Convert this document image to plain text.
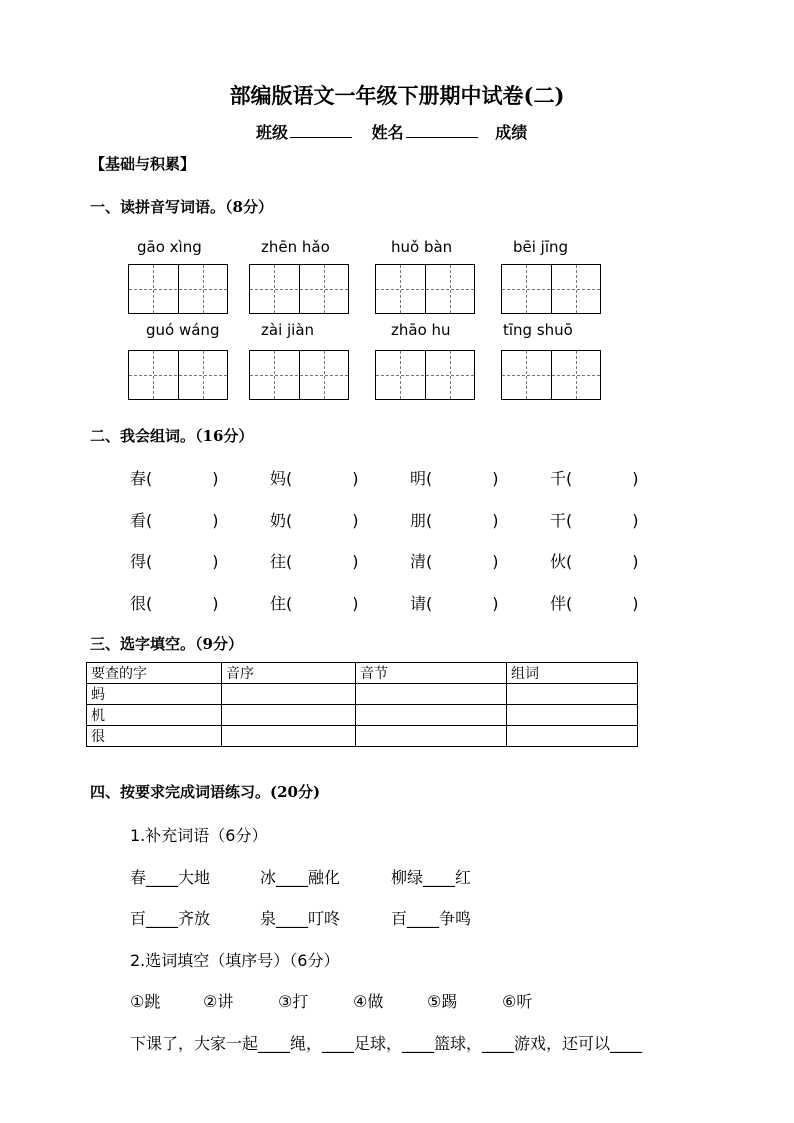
部编版语文一年级下册期中试卷(二)
班级	姓名	成绩
【基础与积累】
一、读拼音写词语。（8分）
gāo xìng	zhēn hǎo	huǒ bàn	bēi jīng
guó wáng	zài jiàn	zhāo hu	tīng shuō
二、我会组词。（16分）
春(	)	妈(	)	明(	)	千(	)
看(	)	奶(	)	朋(	)	干(	)
得(	)	往(	)	清(	)	伙(	)
很(	)	住(	)	请(	)	伴(	)
三、选字填空。（9分）
要查的字	音序	音节	组词
蚂			
机			
很			
四、按要求完成词语练习。(20分)
1.补充词语（6分）
春____大地	冰____融化	柳绿____红
百____齐放	泉____叮咚	百____争鸣
2.选词填空（填序号）（6分）
①跳	②讲	③打	④做	⑤踢	⑥听
下课了，大家一起____绳，____足球，____篮球，____游戏，还可以____
